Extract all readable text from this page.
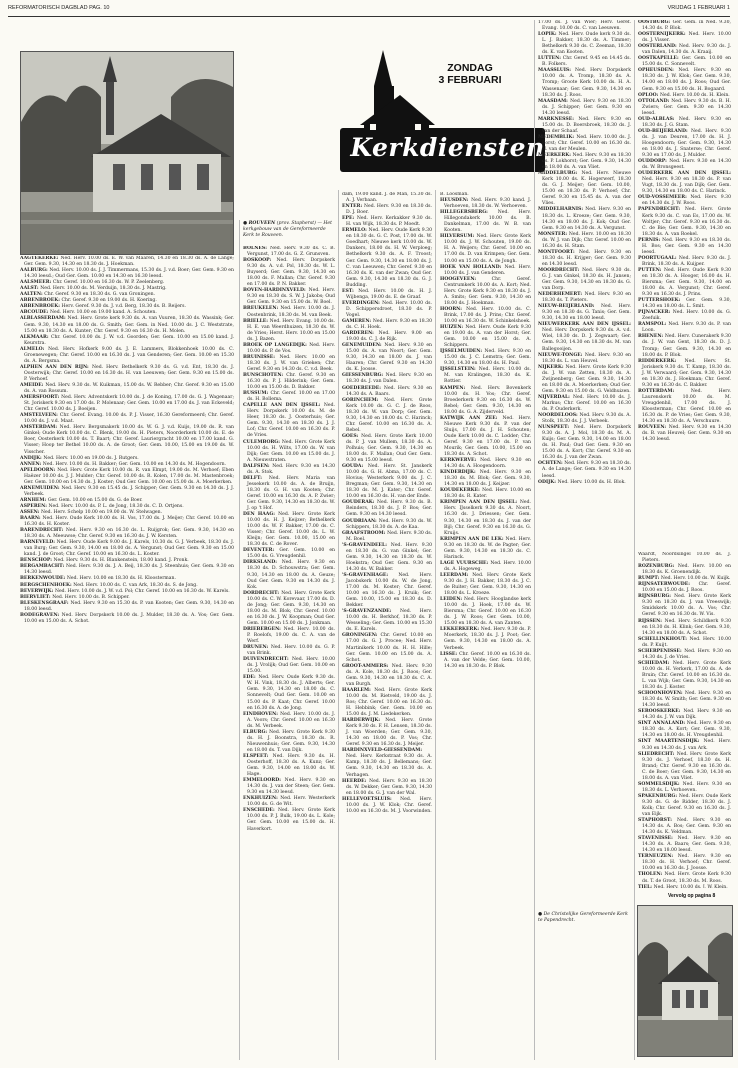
REFORMATORISCH DAGBLAD PAG. 10	VRIJDAG 1 FEBRUARI 1
ZONDAG
3 FEBRUARI
Kerkdiensten
● ROUVEEN (prov. Stapherst) — Het kerkgebouw van de Gereformeerde Kerk te Rouveen.

AAGTEKERKE: Ned. Herv. 10.00 ds. E. W. van Maaren, 14.30 en 18.30 ds. A. de Lange; Ger. Gem. 9.30, 14.30 en 18.30 ds. J. Hoekman.

AALBURG: Ned. Herv. 10.00 ds. J. J. Timmermans, 15.30 ds. J. v.d. Boer; Ger. Gem. 9.30 en 14.30 leesd.; Oud Ger. Gem. 10.00 en 14.30 en 16.30 leesd.

AALSMEER: Chr. Geref. 10.00 en 16.30 ds. W. P. Zeelenberg.

AALST: Ned. Herv. 10.00 ds. M. Verduijn, 18.30 ds. J. Mastrig.

AALTEN: Chr. Geref. 9.30 en 18.30 ds. G. van Groningen.

ABBENBROEK: Chr. Geref. 9.30 en 19.00 ds. H. Koering.

ABBENBROEK: Herv. Geref. 9.30 ds. J. v.d. Berg, 18.30 ds. B. Reijers.

ABCOUDE: Ned. Herv. 10.00 en 19.00 kand. A. Schouten.

ALBLASSERDAM: Ned. Herv. Grote kerk 9.30 ds. A. van Vuuren, 18.30 ds. Wassink; Ger. Gem. 9.30, 14.30 en 18.00 ds. G. Smith; Ger. Gem. in Ned. 10.00 ds. J. C. Weststrate, 15.00 en 18.30 ds. A. Kunter; Chr. Geref. 9.30 en 16.30 ds. H. Molen.

ALKMAAR: Chr. Geref. 10.00 ds. J. W. v.d. Goorden; Ger. Gem. 10.00 en 15.00 kand. J. Keurstra.

ALMELO: Ned. Herv. Hofkerk 9.00 ds. J. E. Lammers, Blokkenhoek 10.00 ds. C. Groenewegen; Chr. Geref. 10.00 en 16.30 ds. J. van Genderen; Ger. Gem. 10.00 en 15.30 ds. A. Bergsma.

ALPHEN AAN DEN RIJN: Ned. Herv. Bethelkerk 9.30 ds. G. v.d. Ent, 18.30 ds. J. Oosterwijk; Chr. Geref. 10.00 en 16.30 ds. H. van Leeuwen; Ger. Gem. 9.30 en 15.00 ds. P. Verhoef.

AMEIDE: Ned. Herv. 9.30 ds. W. Kuikman, 15.00 ds. W. Rebber; Chr. Geref. 9.30 en 15.00 ds. A. van Rossum.

AMERSFOORT: Ned. Herv. Adventskerk 10.00 ds. J. de Koning, 17.00 ds. G. J. Wagenaar; St. Joriskerk 9.30 en 17.00 ds. P. Molenaar; Ger. Gem. 10.00 en 17.00 ds. J. van Eckeveld; Chr. Geref. 10.00 ds. J. Boeijen.

AMSTELVEEN: Chr. Geref. Evang. 10.00 ds. P. J. Visser, 16.30 Gereformeerd; Chr. Geref. 10.00 ds. J. v.d. Maat.

AMSTERDAM: Ned. Herv. Bergsmakerk 10.00 ds. W. G. J. v.d. Kuijs, 19.00 ds. R. van Ginkel; Oude Kerk 10.00 ds. C. Blenk, 19.00 ds. H. Pieters, Noorderkerk 10.00 ds. E. de Boer, Oosterkerk 10.00 ds. T. Baart; Chr. Geref. Lauriergracht 10.00 en 17.00 kand. G. Visser; Hoop ter Bethel 10.00 ds. A. de Groot; Ger. Gem. 10.00, 15.00 en 19.00 ds. W. Visscher.

ANDIJK: Ned. Herv. 10.00 en 19.00 ds. J. Rutgers.

ANNEN: Ned. Herv. 10.00 ds. H. Bakker; Ger. Gem. 10.00 en 14.30 ds. M. Hogendoorn.

APELDOORN: Ned. Herv. Grote Kerk 10.00 ds. R. van Elmpt, 19.00 ds. M. Verhoef; Eben Haëzer 10.00 ds. J. J. Mulder; Chr. Geref. 10.00 ds. R. Kolen, 17.00 ds. M. Mastenbroek; Ger. Gem. 10.00 en 14.30 ds. J. Koster; Oud Ger. Gem. 10.00 en 15.00 ds. A. Moerkerken.

ARNEMUIDEN: Ned. Herv. 9.30 en 15.45 ds. J. Schipper; Ger. Gem. 9.30 en 14.30 ds. J. J. Verbeek.

ARNHEM: Ger. Gem. 10.00 en 15.00 ds. G. de Boer.

ASPEREN: Ned. Herv. 10.00 ds. P. L. de Jong, 18.30 ds. C. D. Ortjens.

ASSEN: Ned. Herv. Schelp 10.00 en 19.00 ds. W. Stelwagen.

BAARN: Ned. Herv. Oude Kerk 10.00 ds. H. Vos, 17.00 ds. J. Meijer; Chr. Geref. 10.00 en 16.30 ds. H. Koster.

BARENDRECHT: Ned. Herv. 9.30 en 16.30 ds. L. Ruijgrok; Ger. Gem. 9.30, 14.30 en 18.30 ds. A. Meeuwse; Chr. Geref. 9.30 en 16.30 ds. J. W. Kersten.

BARNEVELD: Ned. Herv. Oude Kerk 9.00 ds. J. Karels, 10.30 ds. G. J. Verbeek, 18.30 ds. J. van Burg; Ger. Gem. 9.30, 14.00 en 18.00 ds. A. Vergunst; Oud Ger. Gem. 9.30 en 15.00 kand. J. de Groot; Chr. Geref. 10.00 en 16.30 ds. L. Koster.

BENSCHOP: Ned. Herv. 9.30 ds. H. Blankenstein, 18.00 kand. J. Pronk.

BERGAMBACHT: Ned. Herv. 9.30 ds. J. A. Beij, 18.30 ds. J. Steenhuis; Ger. Gem. 9.30 en 14.30 leesd.

BERKENWOUDE: Ned. Herv. 10.00 en 18.30 ds. H. Kloosterman.

BERGSCHENHOEK: Ned. Herv. 10.00 ds. C. van Ark, 18.30 ds. S. de Jong.

BEVERWIJK: Ned. Herv. 10.00 ds. J. W. v.d. Pol; Chr. Geref. 10.00 en 16.30 ds. W. Karels.

BIERVLIET: Ned. Herv. 10.00 ds. B. Schipper.

BLESKENSGRAAF: Ned. Herv. 9.30 en 15.30 ds. P. van Kooten; Ger. Gem. 9.30, 14.30 en 18.00 leesd.

BODEGRAVEN: Ned. Herv. Dorpskerk 10.00 ds. J. Mulder, 18.30 ds. A. Vos; Ger. Gem. 10.00 en 15.00 ds. A. Schot.

BOLNES: Ned. Herv. 9.30 ds. C. B. Vergunst, 17.00 ds. G. Z. Grunsven.

BOSKOOP: Ned. Herv. Dorpskerk 9.30 ds. A. v.d. Pol, 18.30 ds. W. L. Buyserd; Ger. Gem. 9.30, 14.30 en 18.00 ds. F. Mallan; Chr. Geref. 9.30 en 17.00 ds. P. N. Bakker.

BOVEN-HARDINXVELD: Ned. Herv. 9.30 en 18.30 ds. S. W. J. Jakobs; Oud Ger. Gem. 9.30 en 15.00 ds. W. Boel.

BREUKELEN: Ned. Herv. 10.00 ds. J. Oostenbrink, 18.30 ds. M. van Beek.

BRIELLE: Ned. Herv. Evang. 10.00 ds. H. E. van Weerdhuizen, 18.30 ds. W. de Vries; Herst. Herv. 10.00 en 15.00 ds. J. Bazen.

BROEK OP LANGEDIJK: Ned. Herv. 10.00 ds. P. de Vos.

BRUINISSE: Ned. Herv. 10.00 en 18.30 ds. J. W. van Grieken; Chr. Geref. 9.30 en 14.30 ds. C. v.d. Beek.

BUNSCHOTEN: Chr. Geref. 9.30 en 16.30 ds. P. J. Hilderink; Ger. Gem. 10.00 en 15.00 ds. D. Bakker.

BUSSUM: Chr. Geref. 10.00 en 17.00 ds. H. Bollema.

CAPELLE AAN DEN IJSSEL: Ned. Herv. Dorpskerk 10.00 ds. M. de Heer, 18.30 ds. J. Oosterhuis; Ger. Gem. 9.30, 14.30 en 18.30 ds. J. J. Lof; Chr. Geref. 10.00 en 16.30 ds. P. de Vries.

CULEMBORG: Ned. Herv. Grote Kerk 10.00 ds. H. Wilts, 17.00 ds. W. van Dijk; Ger. Gem. 10.00 en 15.00 ds. J. A. Nieuwstraten.

DALFSEN: Ned. Herv. 9.30 en 14.30 ds. A. Stok.

DELFT: Ned. Herv. Maria van Jessekerk 10.00 ds. A. de Bruijn, 18.30 ds. G. H. van Kooten; Chr. Geref. 10.00 en 16.30 ds. A. P. Zwier; Ger. Gem. 9.30, 14.30 en 18.30 ds. W. J. op 't Hof.

DEN HAAG: Ned. Herv. Grote Kerk 10.00 ds. H. J. Keijzer; Bethelkerk 10.00 ds. W. F. Bakker, 17.00 ds. C. Visser; Chr. Geref. 10.00 ds. L. W. Kleijn; Ger. Gem. 10.00, 15.00 en 18.30 ds. C. de Rover.

DEVENTER: Ger. Gem. 10.00 en 15.00 ds. G. Vreugdenhil.

DIRKSLAND: Ned. Herv. 9.30 en 18.30 ds. D. Schouwstra; Ger. Gem. 9.30, 14.30 en 18.00 ds. A. Geuze; Oud Ger. Gem. 9.30 en 14.30 ds. J. Kok.

DORDRECHT: Ned. Herv. Grote Kerk 10.00 ds. C. W. Korevaar, 17.00 ds. D. de Jong; Ger. Gem. 9.30, 14.30 en 18.00 ds. M. Blok; Chr. Geref. 10.00 en 16.30 ds. J. W. Koopman; Oud Ger. Gem. 10.00 en 15.00 ds. J. Jonkman.

DRIEBERGEN: Ned. Herv. 10.00 ds. P. Roelofs, 19.00 ds. C. A. van de Werf.

DRUNEN: Ned. Herv. 10.00 ds. G. P. van Brink.

DUIVENDRECHT: Ned. Herv. 10.00 ds. J. Vrolijk; Oud Ger. Gem. 10.00 en 15.00.

EDE: Ned. Herv. Oude Kerk 9.30 ds. W. H. Vink, 18.30 ds. J. Alberts; Ger. Gem. 9.30, 14.30 en 18.00 ds. C. Sonnevelt; Oud Ger. Gem. 10.00 en 15.00 ds. P. Kaat; Chr. Geref. 10.00 en 16.30 ds. A. de Jong.

EINDHOVEN: Ned. Herv. 10.00 ds. J. A. Voors; Chr. Geref. 10.00 en 16.30 ds. M. Verbeek.

ELBURG: Ned. Herv. Grote Kerk 9.30 ds. H. J. Boonstra, 18.30 ds. R. Nieuwenhuis; Ger. Gem. 9.30, 14.30 en 18.00 ds. T. van Dijk.

ELSPEET: Ned. Herv. 9.30 ds. H. Oosterhoff, 18.30 ds. A. Kunz; Ger. Gem. 9.30, 14.00 en 18.00 ds. W. Hage.

EMMELOORD: Ned. Herv. 9.30 en 14.30 ds. J. van der Steen; Ger. Gem. 9.30 en 14.30 leesd.

ENKHUIZEN: Ned. Herv. Westerkerk 10.00 ds. G. de Wit.

ENSCHEDE: Ned. Herv. Grote Kerk 10.00 ds. P. J. Bulk, 19.00 ds. L. Kole; Ger. Gem. 10.00 en 15.00 ds. H. Haverkort.

dam, 19.00 kand. J. de Man, 15.30 ds. A. J. Verbaan.

ENTER: Ned. Herv. 9.30 en 18.30 ds. D. J. Boer.

EPE: Ned. Herv. Kerkakker 9.30 ds. H. van Wijk, 18.30 ds. P. Moedt.

ERMELO: Ned. Herv. Oude Kerk 9.30 en 18.30 ds. G. C. Post, 17.00 ds. W. Goedhart; Nieuwe kerk 10.00 ds. W. Dankers, 18.00 ds. H. W. Verploeg; Bethelkerk 9.30 ds. A. F. Troost; Ger. Gem. 9.30, 14.30 en 18.00 ds. J. C. van Leeuwen; Chr. Geref. 9.30 en 16.30 ds. K. van der Zwan; Oud Ger. Gem. 9.30, 14.30 en 18.30 ds. G. J. Budding.

EST: Ned. Herv. 10.00 ds. H. J. Wijbenga, 19.00 ds. E. de Graaf.

EVERDINGEN: Ned. Herv. 10.00 ds. D. Schippersdroet, 18.30 ds. P. Vogel.

GAMEREN: Ned. Herv. 9.30 en 18.30 ds. C. H. Hoek.

GARDEREN: Ned. Herv. 9.00 en 19.00 ds. C. J. de Rijk.

GENEMUIDEN: Ned. Herv. 9.30 en 15.00 ds. A. van Noort; Ger. Gem. 9.30, 14.30 en 18.00 ds. J. van Haaren; Chr. Geref. 9.30 en 14.30 ds. K. Joosse.

GIESSENBURG: Ned. Herv. 9.30 en 18.30 ds. J. van Dalen.

GOEDEREEDE: Ned. Herv. 9.30 en 14.30 ds. A. Baars.

GORINCHEM: Ned. Herv. Grote Kerk 10.00 ds. G. C. J. de Roos, 18.30 ds. W. van Dorp; Ger. Gem. 9.30, 14.30 en 18.00 ds. C. Harinck; Chr. Geref. 10.00 en 16.30 ds. A. Rebel.

GOES: Ned. Herv. Grote Kerk 10.00 ds. P. J. van Mullem, 18.30 ds. A. Polhuis; Ger. Gem. 9.30, 14.30 en 18.00 ds. F. Mallan; Oud Ger. Gem. 9.30 en 15.00 leesd.

GOUDA: Ned. Herv. St. Janskerk 10.00 ds. G. H. Abma, 17.00 ds. C. Hovius; Westerkerk 9.00 ds. J. C. Bregman; Ger. Gem. 9.30, 14.30 en 18.30 ds. M. J. Kater; Chr. Geref. 10.00 en 16.30 ds. H. van der Ende.

GOUDERAK: Ned. Herv. 9.30 ds. B. Reinders, 18.30 ds. J. P. Bos; Ger. Gem. 9.30 en 14.30 leesd.

GOUDRIAAN: Ned. Herv. 9.30 ds. W. Schippers, 18.30 ds. A. de Kaa.

GRAAFSTROOM: Ned. Herv. 9.30 ds. M. Boel.

'S-GRAVENDEEL: Ned. Herv. 9.30 en 18.30 ds. G. van Ginkel; Ger. Gem. 9.30, 14.30 en 18.30 ds. W. Hoekstra; Oud Ger. Gem. 9.30 en 14.30 ds. W. Bakker.

'S-GRAVENHAGE: Ned. Herv. Jacobskerk 10.00 ds. W. de Jong, 17.00 ds. M. Koster; Chr. Geref. 10.00 en 16.30 ds. J. Kruik; Ger. Gem. 10.00, 15.00 en 18.30 ds. D. Bekker.

'S-GRAVENZANDE: Ned. Herv. 10.00 ds. H. Berkhof, 18.30 ds. P. Wesseling; Ger. Gem. 10.00 en 15.30 ds. E. Karels.

GRONINGEN: Chr. Geref. 10.00 en 17.00 ds. G. J. Procee; Ned. Herv. Martinikerk 10.00 ds. H. H. Hille; Ger. Gem. 10.00 en 15.00 ds. A. Schot.

GROOT-AMMERS: Ned. Herv. 9.30 ds. A. Kole, 18.30 ds. J. Roos; Ger. Gem. 9.30, 14.30 en 18.30 ds. C. A. van Burgh.

HAARLEM: Ned. Herv. Grote Kerk 10.00 ds. M. Rietveld, 19.00 ds. J. Ros; Chr. Geref. 10.00 en 16.30 ds. H. Hebbink; Ger. Gem. 10.00 en 15.00 ds. J. M. Liedekerken.

HARDERWIJK: Ned. Herv. Grote Kerk 9.30 ds. F. H. Lensen, 18.30 ds. J. van Woerden; Ger. Gem. 9.30, 14.30 en 18.00 ds. P. Vos; Chr. Geref. 9.30 en 16.30 ds. J. Meijer.

HARDINXVELD-GIESSENDAM: Ned. Herv. Kerkstraat 9.30 ds. A. Kamp, 18.30 ds. J. Bellemans; Ger. Gem. 9.30, 14.30 en 18.30 ds. A. Verhagen.

HEERDE: Ned. Herv. 9.30 en 18.30 ds. W. Dekker; Ger. Gem. 9.30, 14.30 en 18.00 ds. G. J. van der Wal.

HELLEVOETSLUIS: Ned. Herv. 10.00 ds. J. W. Klok; Chr. Geref. 10.00 en 16.30 ds. M. J. Voorwinden.

B. Loosman.

HEUSDEN: Ned. Herv. 9.30 kand. J. Verhoeven, 18.30 ds. W. Verhoeven.

HILLEGERSBERG: Ned. Herv. Hillegondakerk 10.00 ds. B. Dankelman, 17.00 ds. W. B. van Kooten.

HILVERSUM: Ned. Herv. Grote Kerk 10.00 ds. J. W. Schouten, 19.00 ds. H. A. Weijers; Chr. Geref. 10.00 en 17.00 ds. D. van Krimpen; Ger. Gem. 10.00 en 15.00 ds. A. de Jongh.

HOEK VAN HOLLAND: Ned. Herv. 10.00 ds. J. van Genderen.

HOOGEVEEN: Chr. Geref. Centrumkerk 10.00 ds. A. Kort; Ned. Herv. Grote Kerk 9.30 en 18.30 ds. J. A. Smits; Ger. Gem. 9.30, 14.30 en 18.00 ds. J. Hoekman.

HOORN: Ned. Herv. 10.00 ds. C. Brink, 17.00 ds. J. Prins; Chr. Geref. 10.00 en 16.30 ds. W. Schinkelshoek.

HUIZEN: Ned. Herv. Oude Kerk 9.30 en 19.00 ds. A. van der Horst; Ger. Gem. 10.00 en 15.00 ds. A. Schippers.

IJSSELMUIDEN: Ned. Herv. 9.30 en 15.00 ds. J. C. Lemstra; Ger. Gem. 9.30, 14.30 en 18.00 ds. H. Paul.

IJSSELSTEIN: Ned. Herv. 10.00 ds. M. van Kralingen, 18.30 ds. K. Rottier.

KAMPEN: Ned. Herv. Bovenkerk 10.00 ds. H. Vos; Chr. Geref. Broederkerk 9.30 en 16.30 ds. W. Rebel; Ger. Gem. 9.30, 14.30 en 18.00 ds. G. A. Zijderveld.

KATWIJK AAN ZEE: Ned. Herv. Nieuwe Kerk 9.30 ds. P. van der Sluijs, 17.00 ds. J. H. Schouten; Oude Kerk 10.00 ds. C. Lodder; Chr. Geref. 9.30 en 17.00 ds. P. van Mourik; Ger. Gem. 10.00, 15.00 en 18.30 ds. A. Schot.

KERKWERVE: Ned. Herv. 9.30 en 14.30 ds. A. Hoogendoorn.

KINDERDIJK: Ned. Herv. 9.30 en 18.30 ds. M. Blok; Ger. Gem. 9.30, 14.30 en 18.00 ds. J. Keijzer.

KOUDEKERKE: Ned. Herv. 10.00 en 18.30 ds. R. Kater.

KRIMPEN AAN DEN IJSSEL: Ned. Herv. IJsselkerk 9.30 ds. A. Noort, 16.30 ds. J. Driessen; Ger. Gem. 9.30, 14.30 en 18.30 ds. J. van der Bijl; Chr. Geref. 9.30 en 16.30 ds. G. Kruijs.

KRIMPEN AAN DE LEK: Ned. Herv. 9.30 en 18.30 ds. W. de Pagter; Ger. Gem. 9.30, 14.30 en 18.30 ds. C. Harinck.

LAGE VUURSCHE: Ned. Herv. 10.00 ds. A. Hogeweg.

LEERDAM: Ned. Herv. Grote Kerk 9.30 ds. J. H. Bakker, 18.30 ds. J. C. de Ruiter; Ger. Gem. 9.30, 14.30 en 18.00 ds. L. Kroeze.

LEIDEN: Ned. Herv. Hooglandse kerk 10.00 ds. J. Hoek, 17.00 ds. W. Biersma; Chr. Geref. 10.00 en 16.30 ds. J. W. Roos; Ger. Gem. 10.00, 15.00 en 18.30 ds. A. van Zanten.

LEKKERKERK: Ned. Herv. 9.30 ds. P. Moerkerk, 18.30 ds. J. J. Poot; Ger. Gem. 9.30, 14.30 en 18.00 ds. A. Verbeek.

LISSE: Chr. Geref. 10.00 en 16.30 ds. A. van der Velde; Ger. Gem. 10.00, 14.30 en 18.30 ds. P. Blok.

17.00 ds. J. van Wier; Herv. Geref. Evang. 10.00 ds. C. van Leeuwen.

LOPIK: Ned. Herv. Oude kerk 9.30 ds. L. J. Bakker, 18.30 ds. A. Timmer; Bethelkerk 9.30 ds. C. Zeeman, 18.30 ds. K. van Kooten.

LUTTEN: Chr. Geref. 9.45 en 14.45 ds. B. Folkers.

MAASSLUIS: Ned. Herv. Dorpskerk 10.00 ds. A. Tromp, 18.30 ds. A. Tromp; Groote Kerk 10.00 ds. H. A. Wassenaar; Ger. Gem. 9.30, 14.30 en 18.30 ds. J. Roos.

MAASDAM: Ned. Herv. 9.30 en 18.30 ds. J. Schipper; Ger. Gem. 9.30 en 14.30 leesd.

MARKNESSE: Ned. Herv. 9.30 en 15.00 ds. D. Boersbroek, 18.30 ds. J. van der Schaaf.

MEDEMBLIK: Ned. Herv. 10.00 ds. J. Borst; Chr. Geref. 10.00 en 16.30 ds. H. van der Meulen.

MEERKERK: Ned. Herv. 9.30 en 18.30 ds. P. Lokhorst; Ger. Gem. 9.30, 14.30 en 18.00 ds. A. van Vliet.

MIDDELBURG: Ned. Herv. Nieuwe Kerk 10.00 ds. K. Hogerwerf, 18.30 ds. G. J. Meijer; Ger. Gem. 10.00, 15.00 en 18.30 ds. P. Verhoef; Chr. Geref. 9.30 en 15.45 ds. A. van der Vlies.

MIDDELHARNIS: Ned. Herv. 9.30 en 18.30 ds. L. Kroeze; Ger. Gem. 9.30, 14.30 en 18.00 ds. J. Kok; Oud Ger. Gem. 9.30 en 14.30 ds. A. Vergunst.

MONSTER: Ned. Herv. 10.00 en 18.30 ds. W. J. van Dijk; Chr. Geref. 10.00 en 16.30 ds. H. Stam.

MONTFOORT: Ned. Herv. 9.30 en 18.30 ds. H. Krijger; Ger. Gem. 9.30 en 14.30 leesd.

MOORDRECHT: Ned. Herv. 9.30 ds. G. J. van Ginkel, 18.30 ds. H. Jansen; Ger. Gem. 9.30, 14.30 en 18.30 ds. G. van Dorp.

NEDERHEMERT: Ned. Herv. 9.30 en 18.30 ds. T. Pieters.

NIEUW-BEIJERLAND: Ned. Herv. 9.30 en 18.30 ds. G. Tanis; Ger. Gem. 9.30, 14.30 en 18.00 leesd.

NIEUWERKERK AAN DEN IJSSEL: Ned. Herv. Dorpskerk 9.30 ds. A. v.d. Wiel, 18.30 ds. D. J. Zegwaart; Ger. Gem. 9.30, 14.30 en 18.30 ds. M. van Ballegooijen.

NIEUWE-TONGE: Ned. Herv. 9.30 en 18.30 ds. L. van Heuvel.

NIJKERK: Ned. Herv. Grote Kerk 9.30 ds. J. W. van Zetten, 18.30 ds. A. Zwijnenberg; Ger. Gem. 9.30, 14.30 en 18.00 ds. A. Moerkerken; Oud Ger. Gem. 9.30 en 15.00 ds. G. Veldhuizen.

NIJVERDAL: Ned. Herv. 10.00 ds. J. Markus; Chr. Geref. 10.00 en 16.30 ds. P. Ouderkerk.

NOORDELOOS: Ned. Herv. 9.30 ds. A. Stolk, 18.30 ds. J. J. Verbeek.

NUNSPEET: Ned. Herv. Dorpskerk 9.30 ds. A. J. Mol, 18.30 ds. M. A. Kuijs; Ger. Gem. 9.30, 14.00 en 18.00 ds. H. Paul; Oud Ger. Gem. 9.30 en 15.00 ds. A. Kort; Chr. Geref. 9.30 en 16.30 ds. J. van der Zwan.

OCHTEN: Ned. Herv. 9.30 en 18.30 ds. A. de Lange; Ger. Gem. 9.30 en 14.30 leesd.

ODIJK: Ned. Herv. 10.00 ds. H. Blok.

OOSTBURG: Ger. Gem. in Ned. 9.30, 14.30 ds. P. Blok.

OOSTERNIJKERK: Ned. Herv. 10.00 ds. J. Visser.

OOSTERLAND: Ned. Herv. 9.30 ds. J. van Dalen, 14.30 ds. A. Kraaij.

OOSTKAPELLE: Ger. Gem. 10.00 en 15.00 ds. C. Sonnevelt.

OPHEUSDEN: Ned. Herv. 9.30 en 18.30 ds. J. W. Klok; Ger. Gem. 9.30, 14.00 en 18.00 ds. J. Roos; Oud Ger. Gem. 9.30 en 15.00 ds. H. Bogaard.

OPLOO: Ned. Herv. 10.00 ds. H. Klein.

OTTOLAND: Ned. Herv. 9.30 ds. B. H. Zwiers; Ger. Gem. 9.30 en 14.30 leesd.

OUD-ALBLAS: Ned. Herv. 9.30 en 18.30 ds. J. G. Stam.

OUD-BEIJERLAND: Ned. Herv. 9.30 ds. J. van Deuren, 17.00 ds. H. J. Hoogendoorn; Ger. Gem. 9.30, 14.30 en 18.00 ds. J. Snaterse; Chr. Geref. 9.30 en 17.00 ds. J. Mulder.

OUDDORP: Ned. Herv. 9.30 en 14.30 ds. W. Bronsgeest.

OUDERKERK AAN DEN IJSSEL: Ned. Herv. 9.30 en 18.30 ds. P. van Vugt, 18.30 ds. J. van Dijk; Ger. Gem. 9.30, 14.30 en 18.00 ds. C. Harinck.

OUD-VOSSEMEER: Ned. Herv. 9.30 en 14.30 ds. J. W. Roos.

PAPENDRECHT: Ned. Herv. Grote Kerk 9.30 ds. C. van Es, 17.00 ds. W. Woltjer; Chr. Geref. 9.30 en 16.30 ds. C. de Bie; Ger. Gem. 9.30, 14.30 en 18.30 ds. A. van Roekel.

PERNIS: Ned. Herv. 9.30 en 18.30 ds. H. Bos; Ger. Gem. 9.30 en 14.30 leesd.

POORTUGAAL: Ned. Herv. 9.30 ds. J. Brink, 18.30 ds. A. Kuijper.

PUTTEN: Ned. Herv. Oude Kerk 9.30 en 18.30 ds. A. Hooger, 16.00 ds. H. Biersma; Ger. Gem. 9.30, 14.00 en 18.00 ds. A. Vergunst; Chr. Geref. 9.30 en 16.30 ds. J. Prins.

PUTTERSHOEK: Ger. Gem. 9.30, 14.30 en 18.00 ds. L. Smit.

PIJNACKER: Ned. Herv. 10.00 ds. G. Zeefuik.

RAMSPOL: Ned. Herv. 9.30 ds. P. van Loon.

RHENEN: Ned. Herv. Cunerakerk 9.30 ds. J. W. van Gent, 18.30 ds. D. J. Tromp; Ger. Gem. 9.30, 14.30 en 18.00 ds. P. Blok.

RIDDERKERK: Ned. Herv. St. Joriskerk 9.30 ds. T. Kamp, 18.30 ds. J. W. Verwaard; Ger. Gem. 9.30, 14.30 en 18.30 ds. J. Hoekman; Chr. Geref. 9.30 en 16.30 ds. C. Bakker.

ROTTERDAM: Ned. Herv. Laurenskerk 10.00 ds. M. Vreugdenhil, 17.00 ds. J. Kloosterman; Chr. Geref. 10.00 en 16.30 ds. P. de Vries; Ger. Gem. 9.30, 14.30 en 18.30 ds. A. Verschuure.

ROUVEEN: Ned. Herv. 9.30 en 14.30 ds. B. van Heuvel; Ger. Gem. 9.30 en 14.30 leesd.

Waardt, Noordsingel 10.00 ds. J. Pieters.

ROZENBURG: Ned. Herv. 10.00 en 18.30 ds. K. Groenendijk.

RUMPT: Ned. Herv. 10.00 ds. W. Kuijk.

RIJNSATERWOUDE: Chr. Geref. 10.00 en 15.00 ds. J. Roos.

RIJNSBURG: Ned. Herv. Grote Kerk 9.30 en 18.30 ds. J. van Vreeswijk; Smidskerk 10.00 ds. A. Vos; Chr. Geref. 9.30 en 16.30 ds. W. Vis.

RIJSSEN: Ned. Herv. Schildkerk 9.30 en 18.30 ds. H. Klink; Ger. Gem. 9.30, 14.30 en 18.00 ds. A. Schot.

SCHELLINKHOUT: Ned. Herv. 10.00 ds. P. Kuijt.

SCHERPENISSE: Ned. Herv. 9.30 en 14.30 ds. J. de Vries.

SCHIEDAM: Ned. Herv. Grote Kerk 10.00 ds. H. Verkerk, 17.00 ds. A. de Bruin; Chr. Geref. 10.00 en 16.30 ds. L. van Wijk; Ger. Gem. 9.30, 14.30 en 18.30 ds. J. Koster.

SCHOONHOVEN: Ned. Herv. 9.30 en 18.30 ds. W. Smith; Ger. Gem. 9.30 en 14.30 leesd.

SEROOSKERKE: Ned. Herv. 9.30 en 14.30 ds. J. W. van Dijk.

SINT ANNALAND: Ned. Herv. 9.30 en 18.30 ds. A. Kort; Ger. Gem. 9.30, 14.30 en 18.00 ds. H. Vreugdenhil.

SINT MAARTENSDIJK: Ned. Herv. 9.30 en 14.30 ds. J. van Ark.

SLIEDRECHT: Ned. Herv. Grote Kerk 9.30 ds. J. Verhoef, 18.30 ds. H. Brand; Chr. Geref. 9.30 en 16.30 ds. C. de Boer; Ger. Gem. 9.30, 14.30 en 18.00 ds. A. van Vliet.

SOMMELSDIJK: Ned. Herv. 9.30 en 18.30 ds. L. Verhoeven.

SPAKENBURG: Ned. Herv. Oude Kerk 9.30 ds. G. de Ridder, 18.30 ds. J. Kolk; Chr. Geref. 9.30 en 16.30 ds. J. van Eijk.

STAPHORST: Ned. Herv. 9.30 en 14.30 ds. A. Bos; Ger. Gem. 9.30 en 14.30 ds. K. Veldman.

STAVENISSE: Ned. Herv. 9.30 en 14.30 ds. A. Baars; Ger. Gem. 9.30, 14.30 en 18.00 leesd.

TERNEUZEN: Ned. Herv. 9.30 en 18.30 ds. H. Verhoef; Chr. Geref. 10.00 en 16.30 ds. J. Joosse.

THOLEN: Ned. Herv. Grote Kerk 9.30 ds. T. de Groot, 18.30 ds. M. Roos.

TIEL: Ned. Herv. 10.00 ds. J. W. Klein.

Vervolg op pagina 8
● De Christelijke Gereformeerde Kerk te Papendrecht.
